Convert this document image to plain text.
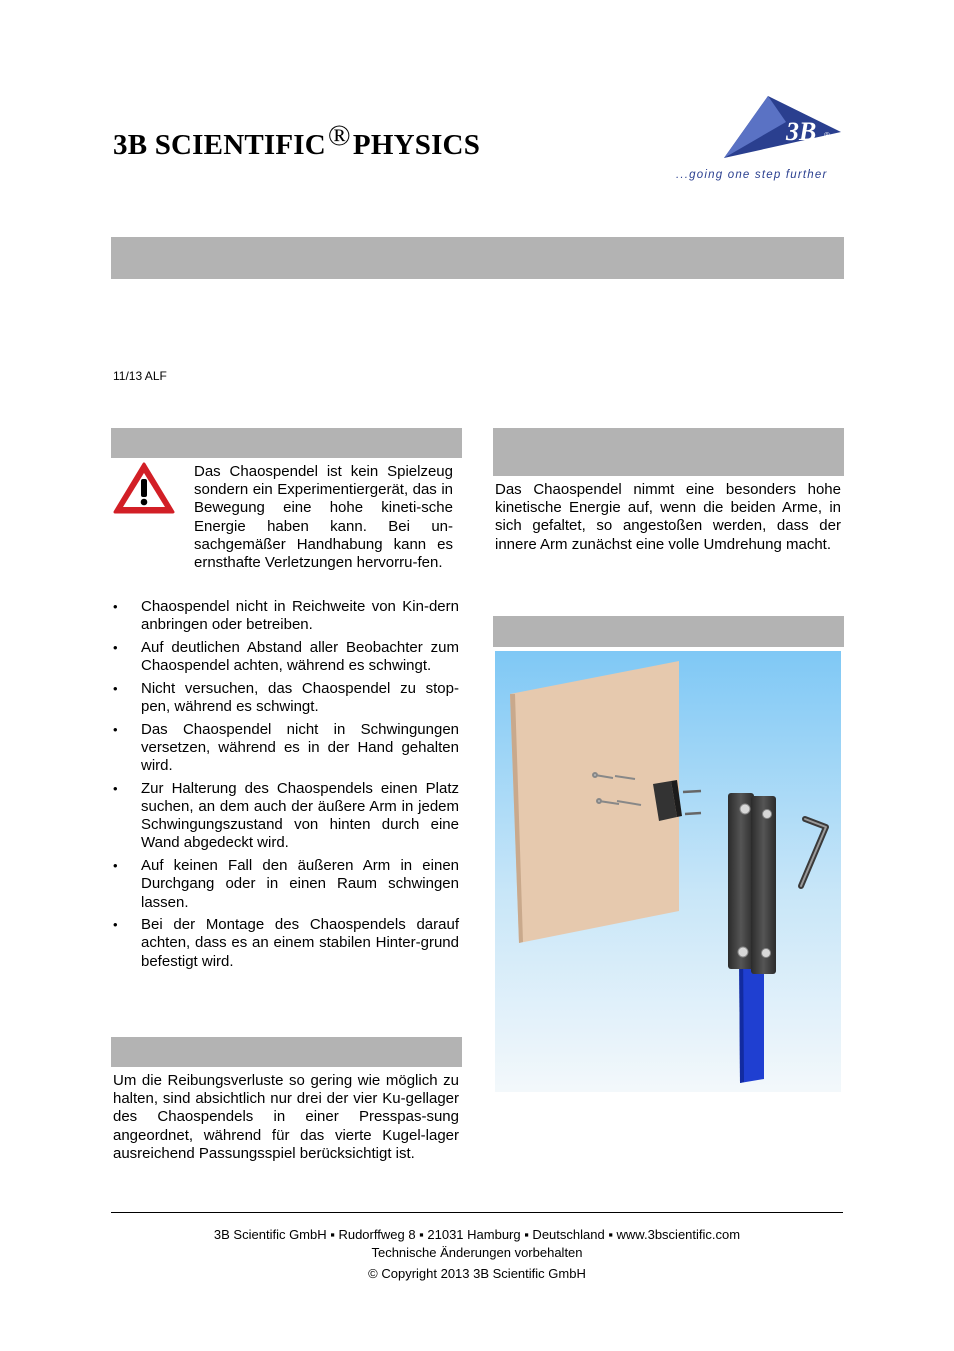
3B SCIENTIFIC®PHYSICS	3B ®
...going one step further
11/13 ALF

Das Chaospendel ist kein Spielzeug sondern ein Experimentiergerät, das in Bewegung eine hohe kineti-sche Energie haben kann. Bei un-sachgemäßer Handhabung kann es ernsthafte Verletzungen hervorru-fen.

• Chaospendel nicht in Reichweite von Kin-dern anbringen oder betreiben.
• Auf deutlichen Abstand aller Beobachter zum Chaospendel achten, während es schwingt.
• Nicht versuchen, das Chaospendel zu stop-pen, während es schwingt.
• Das Chaospendel nicht in Schwingungen versetzen, während es in der Hand gehalten wird.
• Zur Halterung des Chaospendels einen Platz suchen, an dem auch der äußere Arm in jedem Schwingungszustand von hinten durch eine Wand abgedeckt wird.
• Auf keinen Fall den äußeren Arm in einen Durchgang oder in einen Raum schwingen lassen.
• Bei der Montage des Chaospendels darauf achten, dass es an einem stabilen Hinter-grund befestigt wird.

Um die Reibungsverluste so gering wie möglich zu halten, sind absichtlich nur drei der vier Ku-gellager des Chaospendels in einer Presspas-sung angeordnet, während für das vierte Kugel-lager ausreichend Passungsspiel berücksichtigt ist.

Das Chaospendel nimmt eine besonders hohe kinetische Energie auf, wenn die beiden Arme, in sich gefaltet, so angestoßen werden, dass der innere Arm zunächst eine volle Umdrehung macht.

3B Scientific GmbH ▪ Rudorffweg 8 ▪ 21031 Hamburg ▪ Deutschland ▪ www.3bscientific.com
Technische Änderungen vorbehalten
© Copyright 2013 3B Scientific GmbH
